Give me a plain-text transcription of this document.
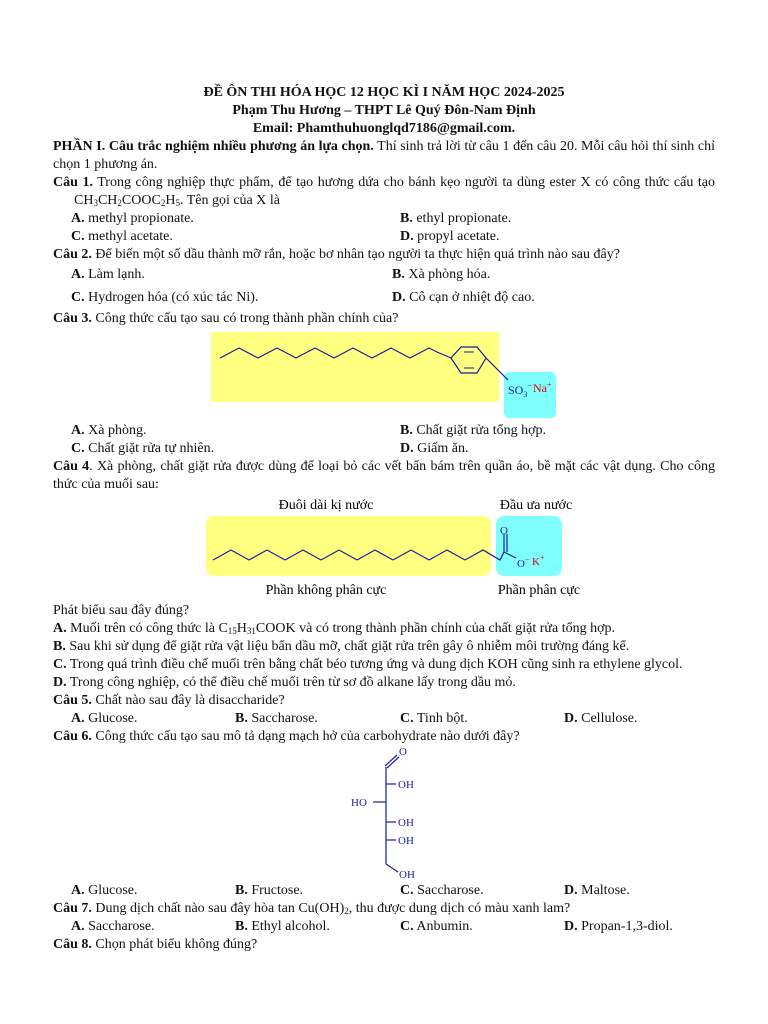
ĐỀ ÔN THI HÓA HỌC 12 HỌC KÌ I NĂM HỌC 2024-2025

Phạm Thu Hương – THPT Lê Quý Đôn-Nam Định

Email: Phamthuhuonglqd7186@gmail.com.

PHẦN I. Câu trắc nghiệm nhiều phương án lựa chọn. Thí sinh trả lời từ câu 1 đến câu 20. Mỗi câu hỏi thí sinh chỉ chọn 1 phương án.

Câu 1. Trong công nghiệp thực phẩm, để tạo hương dứa cho bánh kẹo người ta dùng ester X có công thức cấu tạo $CH_3CH_2COOC_2H_5$. Tên gọi của X là

A. methyl propionate.	B. ethyl propionate.
C. methyl acetate.	D. propyl acetate.

Câu 2. Để biến một số dầu thành mỡ rắn, hoặc bơ nhân tạo người ta thực hiện quá trình nào sau đây?

A. Làm lạnh.	B. Xà phòng hóa.
C. Hydrogen hóa (có xúc tác Ni).	D. Cô cạn ở nhiệt độ cao.

Câu 3. Công thức cấu tạo sau có trong thành phần chính của?

$SO_3^-$ Na+
A. Xà phòng.	B. Chất giặt rửa tổng hợp.
C. Chất giặt rửa tự nhiên.	D. Giấm ăn.

Câu 4. Xà phòng, chất giặt rửa được dùng để loại bỏ các vết bẩn bám trên quần áo, bề mặt các vật dụng. Cho công thức của muối sau:

Đuôi dài kị nước	Đầu ưa nước
O
O− K+
Phần không phân cực	Phần phân cực

Phát biểu sau đây đúng?

A. Muối trên có công thức là $C_{15}H_{31}COOK$ và có trong thành phần chính của chất giặt rửa tổng hợp.

B. Sau khi sử dụng để giặt rửa vật liệu bẩn dầu mỡ, chất giặt rửa trên gây ô nhiễm môi trường đáng kể.

C. Trong quá trình điều chế muối trên bằng chất béo tương ứng và dung dịch KOH cũng sinh ra ethylene glycol.

D. Trong công nghiệp, có thể điều chế muối trên từ sơ đồ alkane lấy trong dầu mỏ.

Câu 5. Chất nào sau đây là disaccharide?

A. Glucose.	B. Saccharose.	C. Tinh bột.	D. Cellulose.

Câu 6. Công thức cấu tạo sau mô tả dạng mạch hở của carbohydrate nào dưới đây?

O
OH
HO
OH
OH
OH
A. Glucose.	B. Fructose.	C. Saccharose.	D. Maltose.

Câu 7. Dung dịch chất nào sau đây hòa $\tan Cu(OH)_2$, thu được dung dịch có màu xanh lam?

A. Saccharose.	B. Ethyl alcohol.	C. Anbumin.	D. Propan-1,3-diol.

Câu 8. Chọn phát biểu không đúng?
